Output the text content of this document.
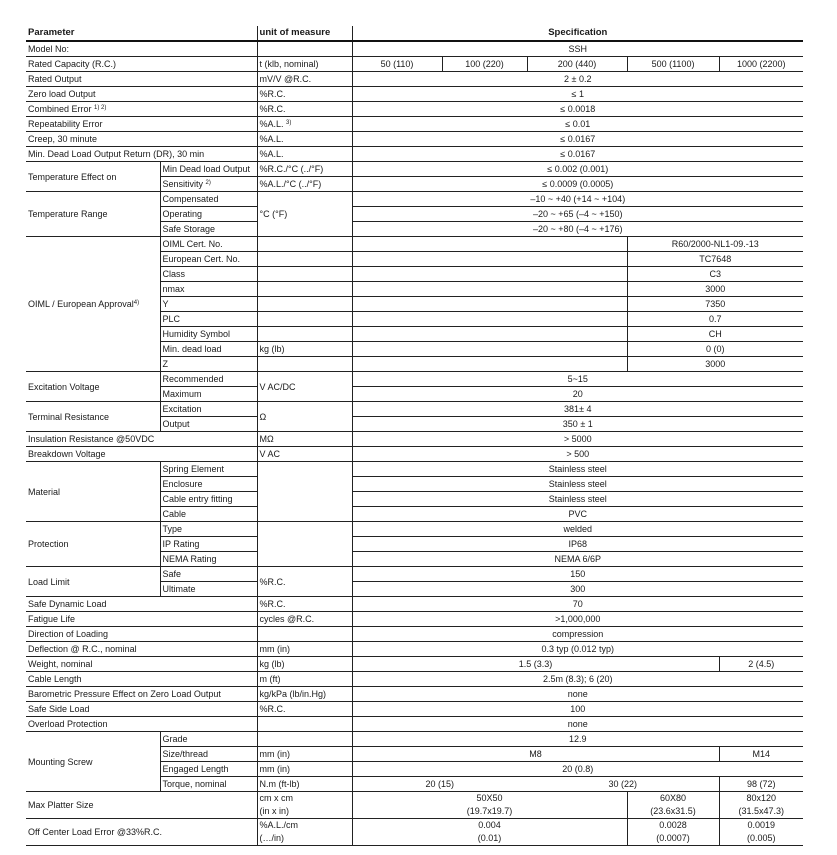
Parameter		unit of measure	Specification				
Model No:			SSH				
Rated Capacity (R.C.)		t (klb, nominal)	50 (110)	100 (220)	200 (440)	500 (1100)	1000 (2200)
Rated Output		mV/V @R.C.	2 ± 0.2				
Zero load Output		%R.C.	≤ 1				
Combined Error $^{1) 2)}$		%R.C.	≤ 0.0018				
Repeatability Error		%A.L. $^{3)}$	≤ 0.01				
Creep, 30 minute		%A.L.	≤ 0.0167				
Min. Dead Load Output Return (DR), 30 min		%A.L.	≤ 0.0167				
Temperature Effect on	Min Dead load Output	%R.C./°C (../°F)	≤ 0.002 (0.001)				
	Sensitivity $^{2)}$	%A.L./°C (../°F)	≤ 0.0009 (0.0005)				
Temperature Range	Compensated	°C (°F)	–10 ~ +40 (+14 ~ +104)				
	Operating		–20 ~ +65 (–4 ~ +150)				
	Safe Storage		–20 ~ +80 (–4 ~ +176)				
OIML / European Approval$^{4)}$	OIML Cert. No.					R60/2000-NL1-09.-13	
	European Cert. No.					TC7648	
	Class					C3	
	nmax					3000	
	Y					7350	
	PLC					0.7	
	Humidity Symbol					CH	
	Min. dead load	kg (lb)				0 (0)	
	Z					3000	
Excitation Voltage	Recommended	V AC/DC	5~15				
	Maximum		20				
Terminal Resistance	Excitation	Ω	381± 4				
	Output		350 ± 1				
Insulation Resistance @50VDC		MΩ	> 5000				
Breakdown Voltage		V AC	> 500				
Material	Spring Element		Stainless steel				
	Enclosure		Stainless steel				
	Cable entry fitting		Stainless steel				
	Cable		PVC				
Protection	Type		welded				
	IP Rating		IP68				
	NEMA Rating		NEMA 6/6P				
Load Limit	Safe	%R.C.	150				
	Ultimate		300				
Safe Dynamic Load		%R.C.	70				
Fatigue Life		cycles @R.C.	>1,000,000				
Direction of Loading			compression				
Deflection @ R.C., nominal		mm (in)	0.3 typ (0.012 typ)				
Weight, nominal		kg (lb)	1.5 (3.3)				2 (4.5)
Cable Length		m (ft)	2.5m (8.3); 6 (20)				
Barometric Pressure Effect on Zero Load Output		kg/kPa (lb/in.Hg)	none				
Safe Side Load		%R.C.	100				
Overload Protection			none				
Mounting Screw	Grade		12.9				
	Size/thread	mm (in)	M8				M14
	Engaged Length	mm (in)	20 (0.8)				
	Torque, nominal	N.m (ft-lb)	20 (15)		30 (22)		98 (72)
Max Platter Size		cm x cm	50X50			60X80	80x120
		(in x in)	(19.7x19.7)			(23.6x31.5)	(31.5x47.3)
Off Center Load Error @33%R.C.		%A.L./cm	0.004			0.0028	0.0019
		(…/in)	(0.01)			(0.0007)	(0.005)
